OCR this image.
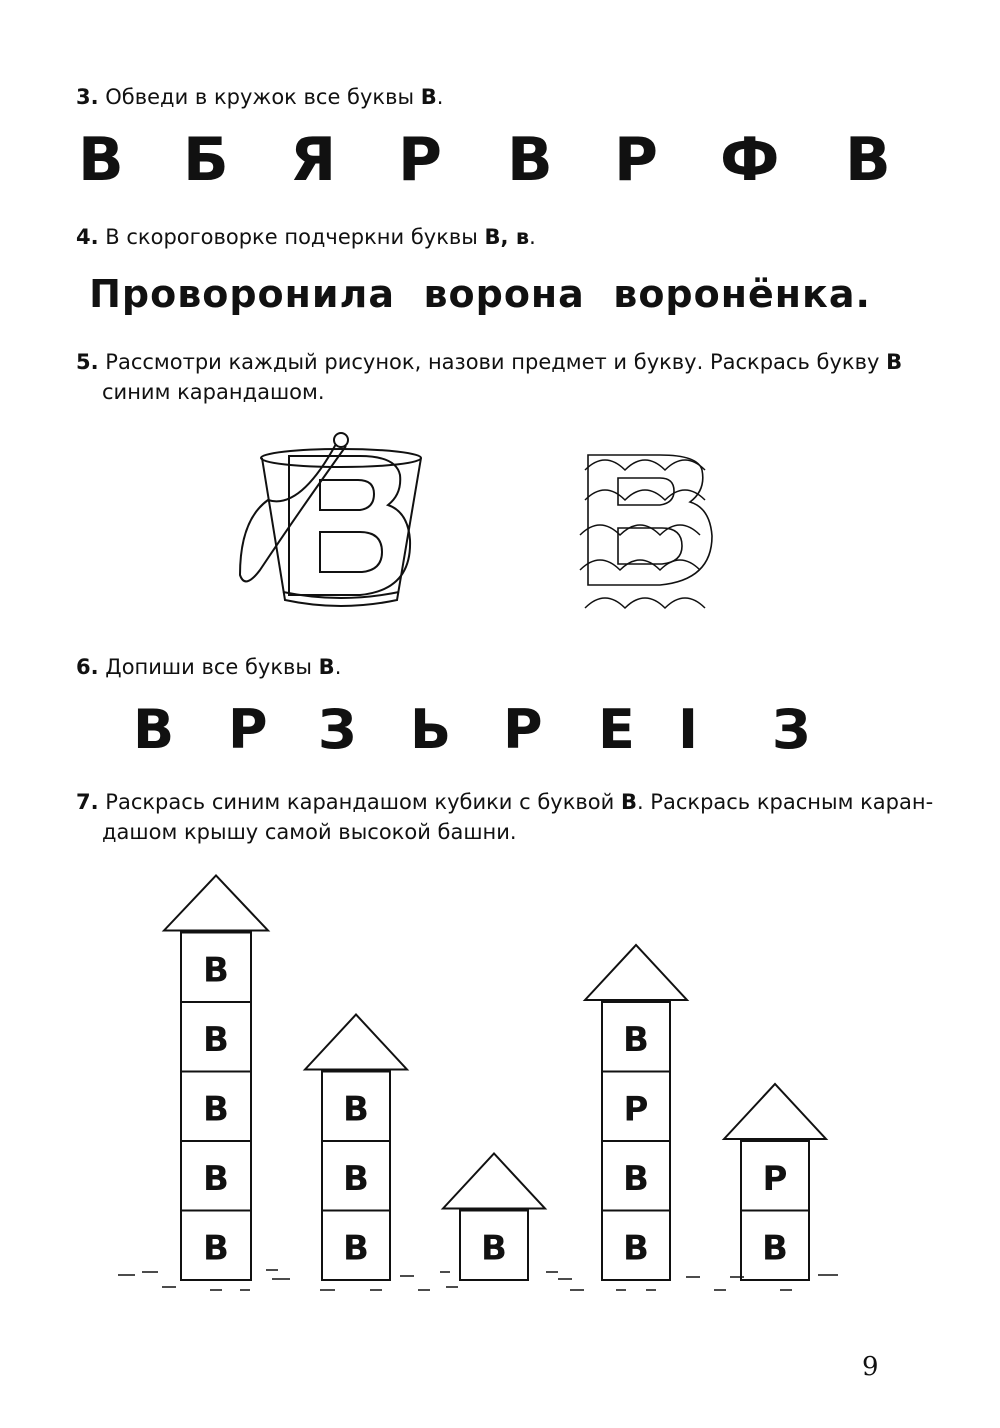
3. Обведи в кружок все буквы В.
В Б Я Р В Р Ф В
4. В скороговорке подчеркни буквы В, в.
Проворонила  ворона  воронёнка.
5. Рассмотри каждый рисунок, назови предмет и букву. Раскрась букву В
синим карандашом.
6. Допиши все буквы В.
В Р З Ь Р Е I З
7. Раскрась синим карандашом кубики с буквой В. Раскрась красным каран-
дашом крышу самой высокой башни.
В
В
В
В
В
В
В
В	В
В
Р
В
В
Р
В
9
